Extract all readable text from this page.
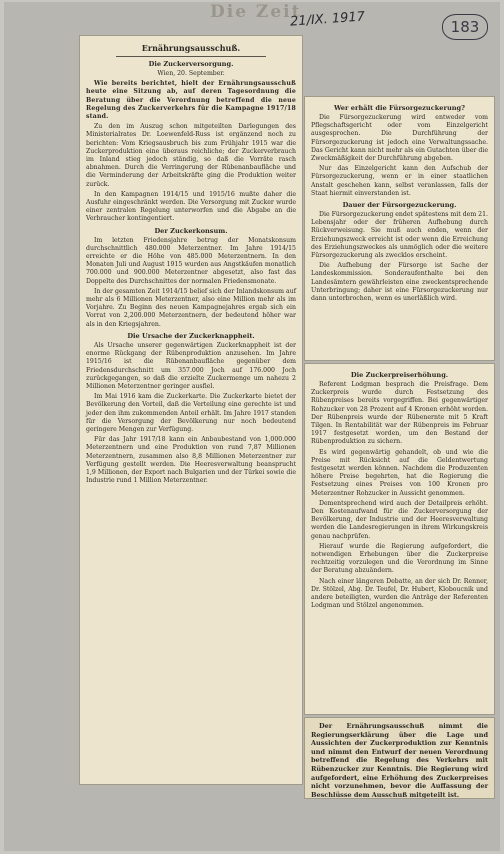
Die Zeit
21/IX. 1917	183
Ernährungsausschuß.
Die Zuckerversorgung.

Wien, 20. September.

Wie bereits berichtet, hielt der Ernährungsausschuß heute eine Sitzung ab, auf deren Tagesordnung die Beratung über die Verordnung betreffend die neue Regelung des Zuckerverkehrs für die Kampagne 1917/18 stand.

Zu den im Auszug schon mitgeteilten Darlegungen des Ministerialrates Dr. Loewenfeld-Russ ist ergänzend noch zu berichten: Vom Kriegsausbruch bis zum Frühjahr 1915 war die Zuckerproduktion eine überaus reichliche; der Zuckerverbrauch im Inland stieg jedoch ständig, so daß die Vorräte rasch abnahmen. Durch die Verringerung der Rübenanbaufläche und die Verminderung der Arbeitskräfte ging die Produktion weiter zurück.

In den Kampagnen 1914/15 und 1915/16 mußte daher die Ausfuhr eingeschränkt werden. Die Versorgung mit Zucker wurde einer zentralen Regelung unterworfen und die Abgabe an die Verbraucher kontingentiert.

Der Zuckerkonsum.

Im letzten Friedensjahre betrug der Monatskonsum durchschnittlich 480.000 Meterzentner. Im Jahre 1914/15 erreichte er die Höhe von 485.000 Meterzentnern. In den Monaten Juli und August 1915 wurden aus Angstkäufen monatlich 700.000 und 900.000 Meterzentner abgesetzt, also fast das Doppelte des Durchschnittes der normalen Friedensmonate.

In der gesamten Zeit 1914/15 belief sich der Inlandskonsum auf mehr als 6 Millionen Meterzentner, also eine Million mehr als im Vorjahre. Zu Beginn des neuen Kampagnejahres ergab sich ein Vorrat von 2,200.000 Meterzentnern, der bedeutend höher war als in den Kriegsjahren.

Die Ursache der Zuckerknappheit.

Als Ursache unserer gegenwärtigen Zuckerknappheit ist der enorme Rückgang der Rübenproduktion anzusehen. Im Jahre 1915/16 ist die Rübenanbaufläche gegenüber dem Friedensdurchschnitt um 357.000 Joch auf 176.000 Joch zurückgegangen, so daß die erzielte Zuckermenge um nahezu 2 Millionen Meterzentner geringer ausfiel.

Im Mai 1916 kam die Zuckerkarte. Die Zuckerkarte bietet der Bevölkerung den Vorteil, daß die Verteilung eine gerechte ist und jeder den ihm zukommenden Anteil erhält. Im Jahre 1917 standen für die Versorgung der Bevölkerung nur noch bedeutend geringere Mengen zur Verfügung.

Für das Jahr 1917/18 kann ein Anbaubestand von 1,000.000 Meterzentnern und eine Produktion von rund 7,87 Millionen Meterzentnern, zusammen also 8,8 Millionen Meterzentner zur Verfügung gestellt werden. Die Heeresverwaltung beansprucht 1,9 Millionen, der Export nach Bulgarien und der Türkei sowie die Industrie rund 1 Million Meterzentner.

Wer erhält die Fürsorgezuckerung?

Die Fürsorgezuckerung wird entweder vom Pflegschaftsgericht oder vom Einzelgericht ausgesprochen. Die Durchführung der Fürsorgezuckerung ist jedoch eine Verwaltungssache. Das Gericht kann nicht mehr als ein Gutachten über die Zweckmäßigkeit der Durchführung abgeben.

Nur das Einzelgericht kann den Aufschub der Fürsorgezuckerung, wenn er in einer staatlichen Anstalt geschehen kann, selbst veranlassen, falls der Staat hiermit einverstanden ist.

Dauer der Fürsorgezuckerung.

Die Fürsorgezuckerung endet spätestens mit dem 21. Lebensjahr oder der früheren Aufhebung durch Rückverweisung. Sie muß auch enden, wenn der Erziehungszweck erreicht ist oder wenn die Erreichung des Erziehungszweckes als unmöglich oder die weitere Fürsorgezuckerung als zwecklos erscheint.

Die Aufhebung der Fürsorge ist Sache der Landeskommission. Sonderaufenthalte bei den Landesämtern gewährleisten eine zweckentsprechende Unterbringung; daher ist eine Fürsorgezuckerung nur dann unterbrochen, wenn es unerläßlich wird.

Die Zuckerpreiserhöhung.

Referent Lodgman besprach die Preisfrage. Dem Zuckerpreis wurde durch Festsetzung des Rübenpreises bereits vorgegriffen. Bei gegenwärtiger Rohzucker von 28 Prozent auf 4 Kronen erhöht worden. Der Rübenpreis wurde der Rübenernte mit 5 Kraft Tilgen. In Rentabilität war der Rübenpreis im Februar 1917 festgesetzt worden, um den Bestand der Rübenproduktion zu sichern.

Es wird gegenwärtig gehandelt, ob und wie die Preise mit Rücksicht auf die Geldentwertung festgesetzt werden können. Nachdem die Produzenten höhere Preise begehrten, hat die Regierung die Festsetzung eines Preises von 100 Kronen pro Meterzentner Rohzucker in Aussicht genommen.

Dementsprechend wird auch der Detailpreis erhöht. Den Kostenaufwand für die Zuckerversorgung der Bevölkerung, der Industrie und der Heeresverwaltung werden die Landesregierungen in ihrem Wirkungskreis genau nachprüfen.

Hierauf wurde die Regierung aufgefordert, die notwendigen Erhebungen über die Zuckerpreise rechtzeitig vorzulegen und die Verordnung im Sinne der Beratung abzuändern.

Nach einer längeren Debatte, an der sich Dr. Renner, Dr. Stölzel, Abg. Dr. Teufel, Dr. Hubert, Kloboucnik und andere beteiligten, wurden die Anträge der Referenten Lodgman und Stölzel angenommen.

Der Ernährungsausschuß nimmt die Regierungserklärung über die Lage und Aussichten der Zuckerproduktion zur Kenntnis und nimmt den Entwurf der neuen Verordnung betreffend die Regelung des Verkehrs mit Rübenzucker zur Kenntnis. Die Regierung wird aufgefordert, eine Erhöhung des Zuckerpreises nicht vorzunehmen, bevor die Auffassung der Beschlüsse dem Ausschuß mitgeteilt ist.
